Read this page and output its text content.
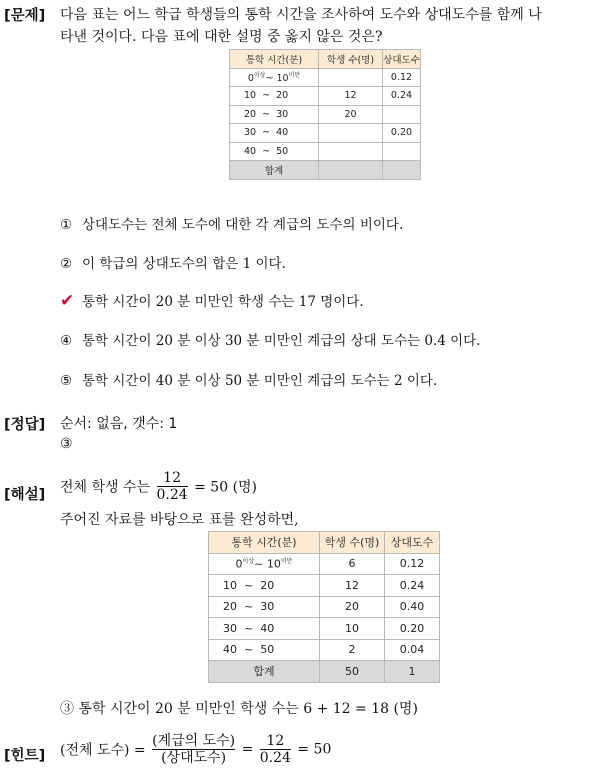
[문제] 다음 표는 어느 학급 학생들의 통학 시간을 조사하여 도수와 상대도수를 함께 나
타낸 것이다. 다음 표에 대한 설명 중 옳지 않은 것은?
통학 시간(분)	학생 수(명)	상대도수
$0^{이상}\sim$ $10^{미만}$		0.12
10  ~  20	12	0.24
20  ~  30	20	
30  ~  40		0.20
40  ~  50		
합계		
① 상대도수는 전체 도수에 대한 각 계급의 도수의 비이다.
② 이 학급의 상대도수의 합은 1 이다.
✔ 통학 시간이 20 분 미만인 학생 수는 17 명이다.
④ 통학 시간이 20 분 이상 30 분 미만인 계급의 상대 도수는 0.4 이다.
⑤ 통학 시간이 40 분 이상 50 분 미만인 계급의 도수는 2 이다.
[정답] 순서: 없음, 갯수: 1
③
[해설] 전체 학생 수는 $\frac{12}{0.24} = 50$ (명)
주어진 자료를 바탕으로 표를 완성하면,
통학 시간(분)	학생 수(명)	상대도수
$0^{이상}\sim$ $10^{미만}$	6	0.12
10  ~  20	12	0.24
20  ~  30	20	0.40
30  ~  40	10	0.20
40  ~  50	2	0.04
합계	50	1
③ 통학 시간이 20 분 미만인 학생 수는 6 + 12 = 18 (명)
[힌트] (전체 도수) = $\frac{\text{(계급의 도수)}}{\text{(상대도수)}} = \frac{12}{0.24} = 50$
